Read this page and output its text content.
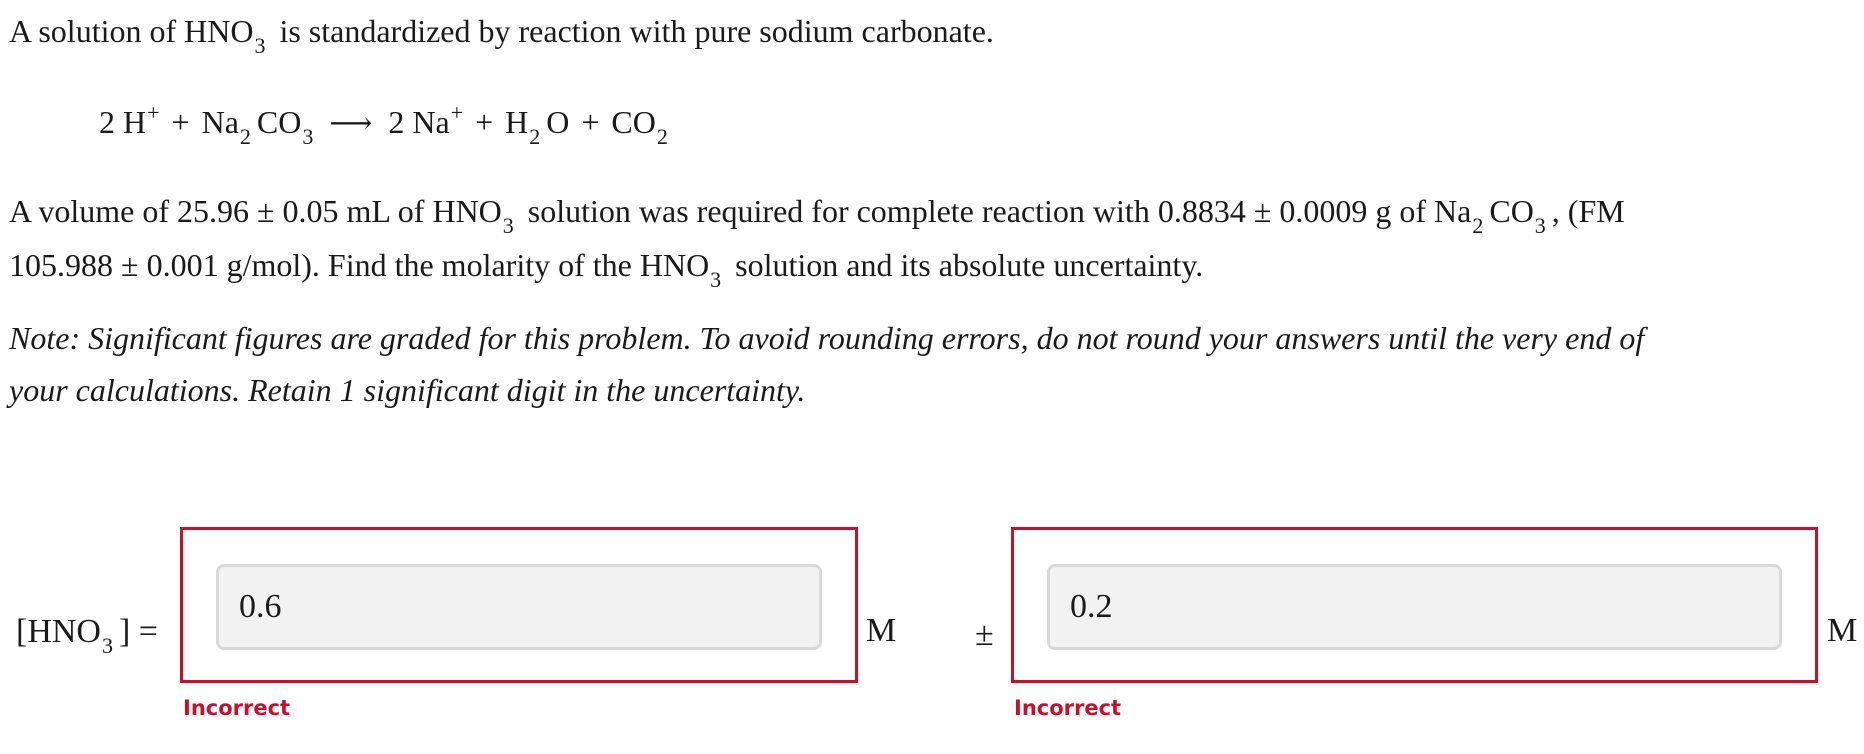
A solution of $HNO_3$ is standardized by reaction with pure sodium carbonate.
2 $H^+ + Na_2$ $CO_3$ ⟶ 2 $Na^+ + H_2$ $O + CO_2$
A volume of 25.96 ± 0.05 mL of $HNO_3$ solution was required for complete reaction with 0.8834 ± 0.0009 g of $Na_2$ $CO_3$ , (FM
105.988 ± 0.001 g/mol). Find the molarity of the $HNO_3$ solution and its absolute uncertainty.
Note: Significant figures are graded for this problem. To avoid rounding errors, do not round your answers until the very end of
your calculations. Retain 1 significant digit in the uncertainty.
[$HNO_3$ ] =
0.6	M
Incorrect
±
0.2	M
Incorrect
